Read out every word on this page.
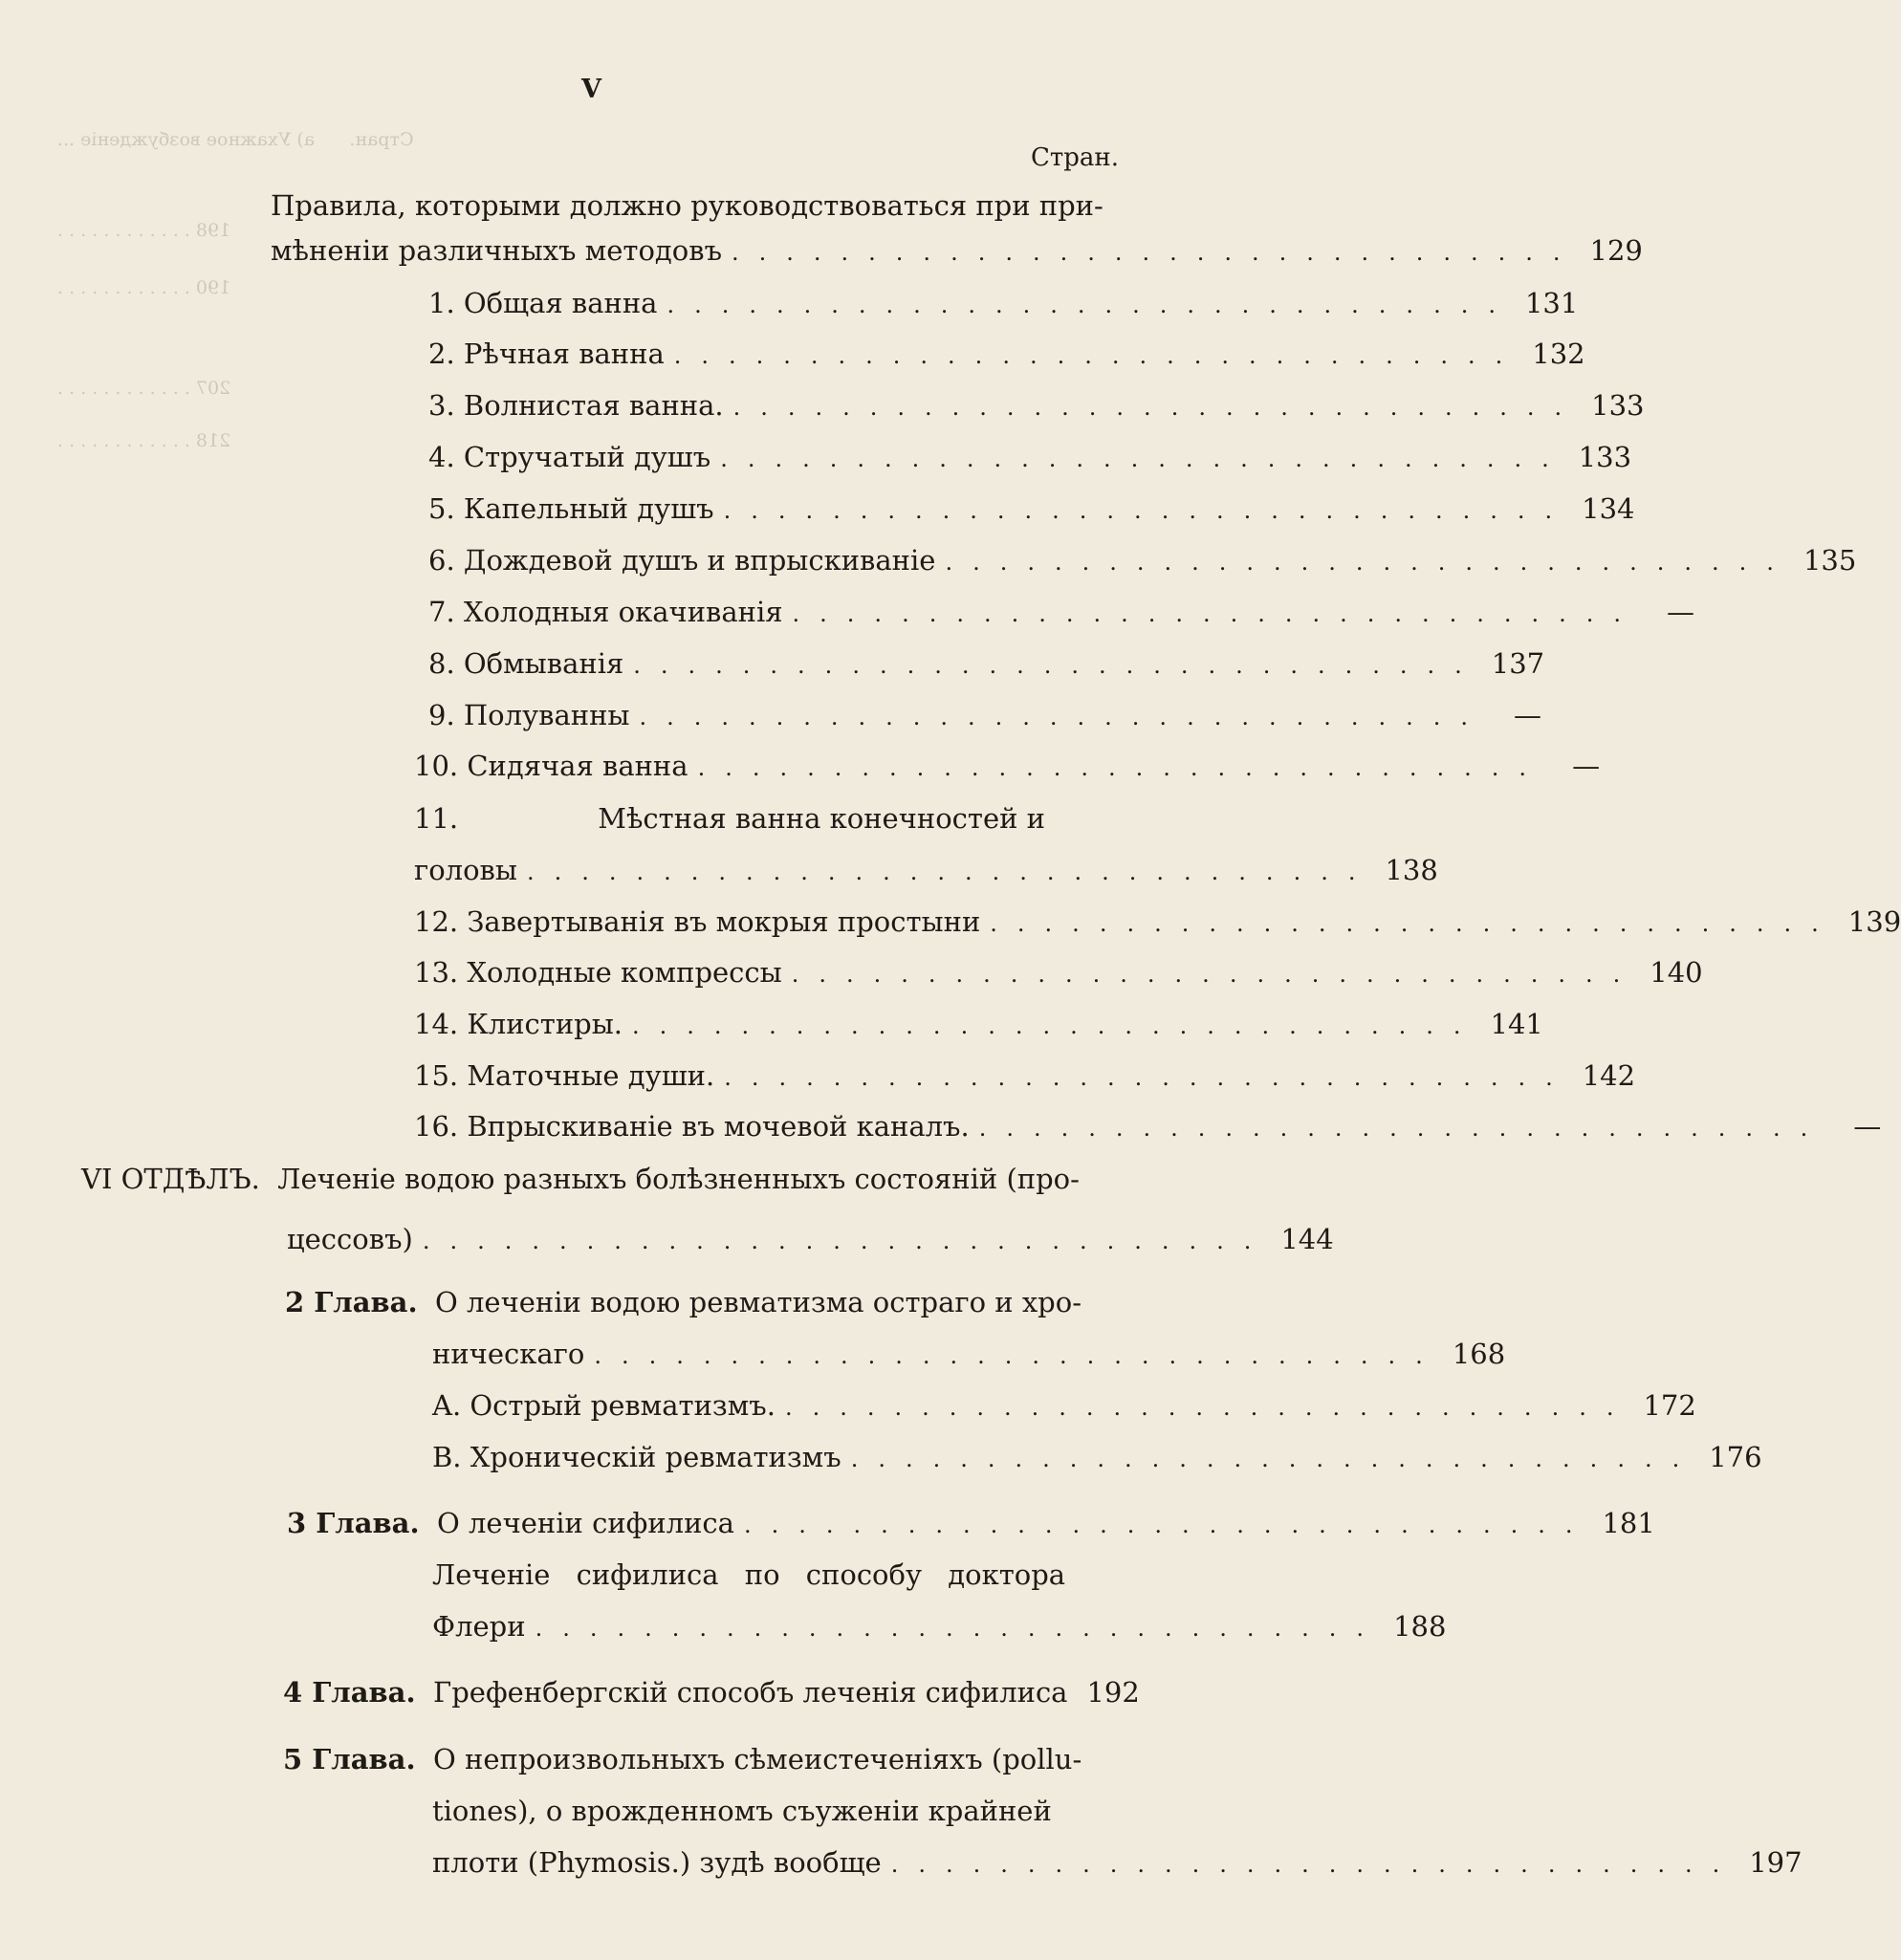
Стран.      a) Ухажное возбужденіе ...
198 . . . . . . . . . . . .
190 . . . . . . . . . . . .
207 . . . . . . . . . . . .
218 . . . . . . . . . . . .
V
Стран.
Правила, которыми должно руководствоваться при при-
мѣненіи различныхъ методовъ ............................... 129
1. Общая ванна ............................... 131
2. Рѣчная ванна ............................... 132
3. Волнистая ванна. ............................... 133
4. Стручатый душъ ............................... 133
5. Капельный душъ ............................... 134
6. Дождевой душъ и впрыскиваніе ............................... 135
7. Холодныя окачиванія ............................... —
8. Обмыванія ............................... 137
9. Полуванны ............................... —
10. Сидячая ванна ............................... —
11.	Мѣстная ванна конечностей и
головы ............................... 138
12. Завертыванія въ мокрыя простыни ............................... 139
13. Холодные компрессы ............................... 140
14. Клистиры. ............................... 141
15. Маточные души. ............................... 142
16. Впрыскиваніе въ мочевой каналъ. ............................... —
VI ОТДѢЛЪ. Леченіе водою разныхъ болѣзненныхъ состояній (про-
цессовъ) ............................... 144
2 Глава. О леченіи водою ревматизма остраго и хро-
ническаго ............................... 168
A. Острый ревматизмъ. ............................... 172
B. Хроническій ревматизмъ ............................... 176
3 Глава. О леченіи сифилиса ............................... 181
Леченіе сифилиса по способу доктора
Флери ............................... 188
4 Глава. Грефенбергскій способъ леченія сифилиса 192
5 Глава. О непроизвольныхъ сѣмеистеченіяхъ (pollu-
tiones), о врожденномъ съуженіи крайней
плоти (Phymosis.) зудѣ вообще ............................... 197
